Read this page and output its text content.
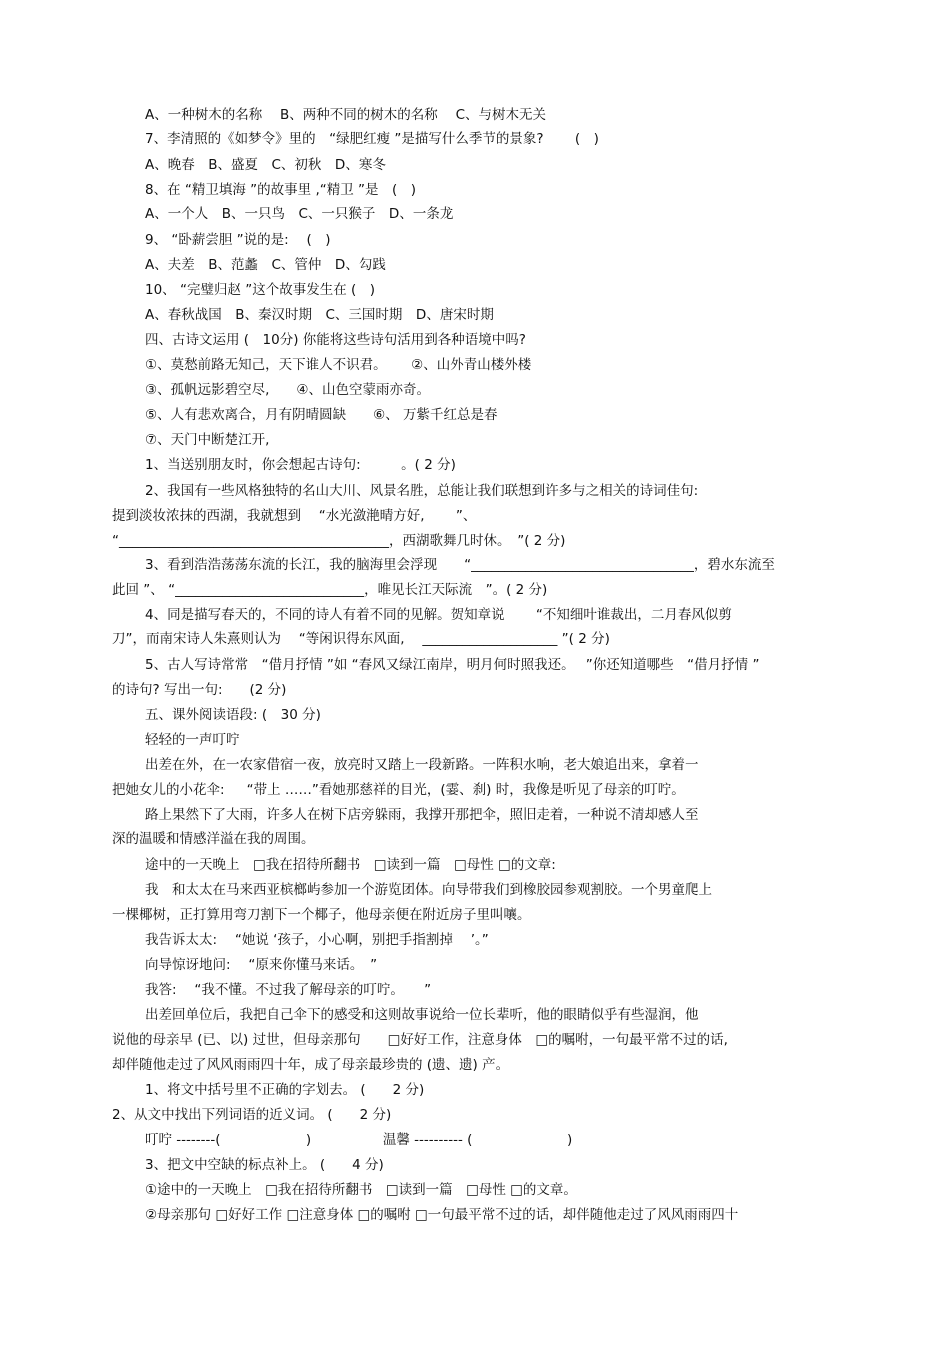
A、一种树木的名称　 B、两种不同的树木的名称　 C、与树木无关

7、李清照的《如梦令》里的　“绿肥红瘦 ”是描写什么季节的景象?　　 (　)

A、晚春　B、盛夏　C、初秋　D、寒冬

8、在 “精卫填海 ”的故事里 ,“精卫 ”是　(　)

A、一个人　B、一只鸟　C、一只猴子　D、一条龙

9、 “卧薪尝胆 ”说的是:　 (　)

A、夫差　B、范蠡　C、管仲　D、勾践

10、 “完璧归赵 ”这个故事发生在 (　)

A、春秋战国　B、秦汉时期　C、三国时期　D、唐宋时期

四、古诗文运用 (　10分) 你能将这些诗句活用到各种语境中吗?

①、莫愁前路无知己，天下谁人不识君。　　 ②、山外青山楼外楼

③、孤帆远影碧空尽,　　④、山色空蒙雨亦奇。

⑤、人有悲欢离合，月有阴晴圆缺　　⑥、 万紫千红总是春

⑦、天门中断楚江开,

1、当送别朋友时，你会想起古诗句:　　　。( 2 分)

2、我国有一些风格独特的名山大川、风景名胜，总能让我们联想到许多与之相关的诗词佳句:

提到淡妆浓抹的西湖，我就想到　 “水光潋滟晴方好,　　 ”、

“________________________________________，西湖歌舞几时休。　”( 2 分)

3、看到浩浩荡荡东流的长江，我的脑海里会浮现　　“_________________________________，碧水东流至

此回 ”、 “____________________________，唯见长江天际流　”。( 2 分)

4、同是描写春天的，不同的诗人有着不同的见解。贺知章说　　 “不知细叶谁裁出，二月春风似剪

刀”，而南宋诗人朱熹则认为　 “等闲识得东风面,　 ____________________ ”( 2 分)

5、古人写诗常常　“借月抒情 ”如 “春风又绿江南岸，明月何时照我还。　 ”你还知道哪些　“借月抒情 ”

的诗句? 写出一句:　　(2 分)

五、课外阅读语段: (　30 分)

轻轻的一声叮咛

出差在外，在一农家借宿一夜，放亮时又踏上一段新路。一阵积水响，老大娘追出来，拿着一

把她女儿的小花伞: 　 “带上 ……”看她那慈祥的目光，(霎、刹) 时，我像是听见了母亲的叮咛。

路上果然下了大雨，许多人在树下店旁躲雨，我撑开那把伞，照旧走着，一种说不清却感人至

深的温暖和情感洋溢在我的周围。

途中的一天晚上　□我在招待所翻书　□读到一篇　□母性 □的文章:

我　和太太在马来西亚槟榔屿参加一个游览团体。向导带我们到橡胶园参观割胶。一个男童爬上

一棵椰树，正打算用弯刀割下一个椰子，他母亲便在附近房子里叫嚷。

我告诉太太:　 “她说 ‘孩子，小心啊，别把手指割掉　 ’。”

向导惊讶地问:　 “原来你懂马来话。　”

我答:　 “我不懂。不过我了解母亲的叮咛。　　”

出差回单位后，我把自己伞下的感受和这则故事说给一位长辈听，他的眼睛似乎有些湿润，他

说他的母亲早 (已、以) 过世，但母亲那句　　□好好工作，注意身体　□的嘱咐，一句最平常不过的话,

却伴随他走过了风风雨雨四十年，成了母亲最珍贵的 (遗、遗) 产。

1、将文中括号里不正确的字划去。 (　　2 分)

2、从文中找出下列词语的近义词。 (　　2 分)

叮咛 --------(　　　　　　 )　　　　　 温馨 ---------- (　　　　　　　)

3、把文中空缺的标点补上。 (　　4 分)

①途中的一天晚上　□我在招待所翻书　□读到一篇　□母性 □的文章。

②母亲那句 □好好工作 □注意身体 □的嘱咐 □一句最平常不过的话，却伴随他走过了风风雨雨四十
